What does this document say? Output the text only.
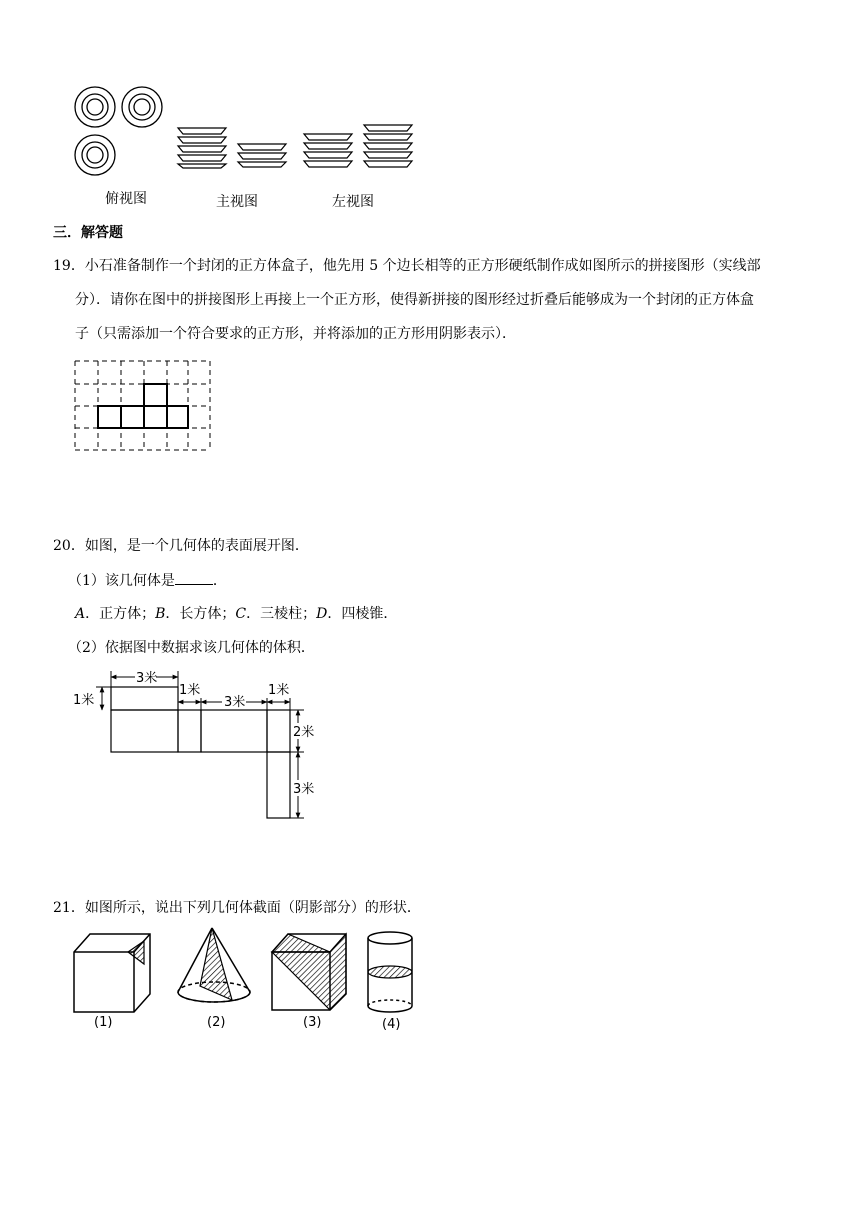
俯视图	主视图	左视图
三．解答题
19．小石准备制作一个封闭的正方体盒子，他先用 5 个边长相等的正方形硬纸制作成如图所示的拼接图形（实线部
分）．请你在图中的拼接图形上再接上一个正方形，使得新拼接的图形经过折叠后能够成为一个封闭的正方体盒
子（只需添加一个符合要求的正方形，并将添加的正方形用阴影表示）．
20．如图，是一个几何体的表面展开图．
（1）该几何体是	．
A．正方体；B．长方体；C．三棱柱；D．四棱锥．
（2）依据图中数据求该几何体的体积．
3米
1米
1米
3米
1米
2米
3米
21．如图所示，说出下列几何体截面（阴影部分）的形状．
(1)	(2)	(3)	(4)
